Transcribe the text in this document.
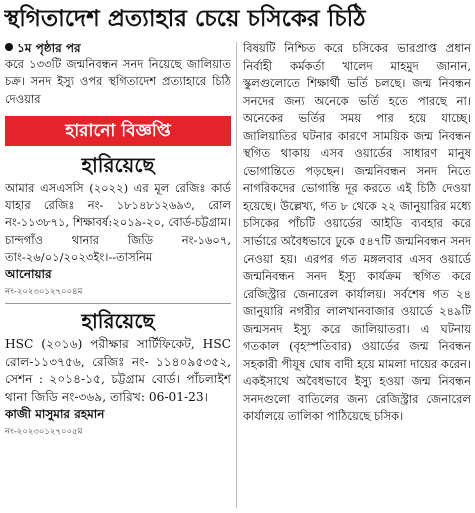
স্থগিতাদেশ প্রত্যাহার চেয়ে চসিকের চিঠি
১ম পৃষ্ঠার পর

করে ১৩৩টি জন্মনিবন্ধন সনদ নিয়েছে জালিয়াত চক্র। সনদ ইস্যু ওপর স্থগিতাদেশ প্রত্যাহারে চিঠি দেওয়ার

হারানো বিজ্ঞপ্তি
হারিয়েছে

আমার এসএসসি (২০২২) এর মূল রেজিঃ কার্ড যাহার রেজিঃ নং- ১৮১৪৮১২৬৯৩, রোল নং-১১৩৮৭১, শিক্ষাবর্ষ:২০১৯-২০, বোর্ড-চট্টগ্রাম। চান্দগাঁও থানার জিডি নং-১৬০৭, তাং-২৬/০১/২০২৩ইং।--তাসনিম

আনোয়ার
নং-২০২৩০১২৭০০৪ম
হারিয়েছে

HSC (২০১৬) পরীক্ষার সার্টিফিকেট, HSC রোল-১১৩৭৫৬, রেজিঃ নং- ১১৪০৯৫৩৫২, সেশন : ২০১৪-১৫, চট্টগ্রাম বোর্ড। পাঁচলাইশ থানা জিডি নং-৩৬৯, তারিখ: 06-01-23।

কাজী মাসুমার রহমান
নং-২০২৩০১২৭০০৫ম

বিষয়টি নিশ্চিত করে চসিকের ভারপ্রাপ্ত প্রধান নির্বাহী কর্মকর্তা খালেদ মাহমুদ জানান, স্কুলগুলোতে শিক্ষার্থী ভর্তি চলছে। জন্ম নিবন্ধন সনদের জন্য অনেকে ভর্তি হতে পারছে না। অনেকের ভর্তির সময় পার হয়ে যাচ্ছে। জালিয়াতির ঘটনার কারণে সাময়িক জন্ম নিবন্ধন স্থগিত থাকায় এসব ওয়ার্ডের সাধারণ মানুষ ভোগান্তিতে পড়ছেন। জন্মনিবন্ধন সনদ নিতে নাগরিকদের ভোগান্তি দূর করতে এই চিঠি দেওয়া হয়েছে। উল্লেখ্য, গত ৮ থেকে ২২ জানুয়ারির মধ্যে চসিকের পাঁচটি ওয়ার্ডের আইডি ব্যবহার করে সার্ভারে অবৈধভাবে ঢুকে ৫৪৭টি জন্মনিবন্ধন সনদ নেওয়া হয়। এরপর গত মঙ্গলবার এসব ওয়ার্ডে জন্মনিবন্ধন সনদ ইস্যু কার্যক্রম স্থগিত করে রেজিস্ট্রার জেনারেল কার্যালয়। সর্বশেষ গত ২৪ জানুয়ারি নগরীর লালখানবাজার ওয়ার্ডে ২৪৯টি জন্মসনদ ইস্যু করে জালিয়াতরা। এ ঘটনায় গতকাল (বৃহস্পতিবার) ওয়ার্ডের জন্ম নিবন্ধন সহকারী পীযূষ ঘোষ বাদী হয়ে মামলা দায়ের করেন। একইসাথে অবৈধভাবে ইস্যু হওয়া জন্ম নিবন্ধন সনদগুলো বাতিলের জন্য রেজিস্ট্রার জেনারেল কার্যালয়ে তালিকা পাঠিয়েছে চসিক।
